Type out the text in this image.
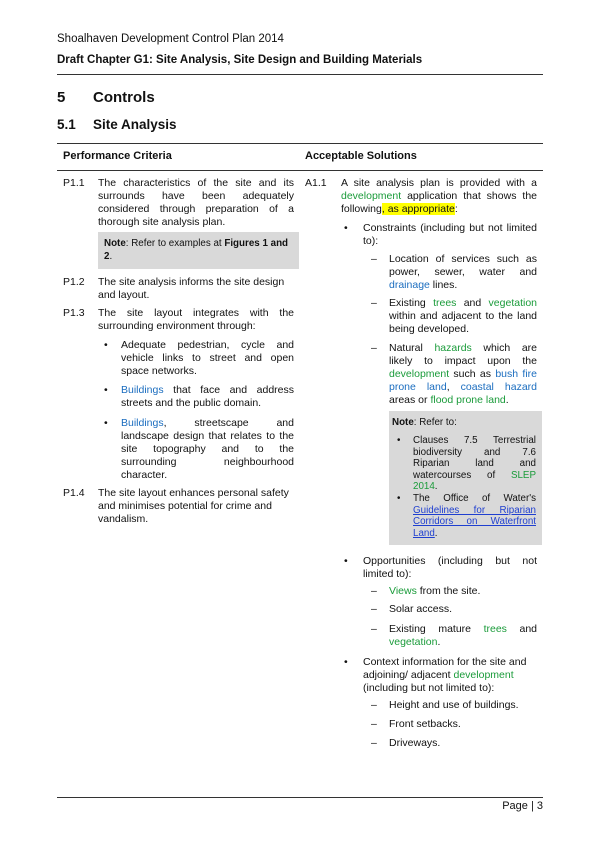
Shoalhaven Development Control Plan 2014
Draft Chapter G1: Site Analysis, Site Design and Building Materials
5 Controls
5.1 Site Analysis
Performance Criteria	Acceptable Solutions
P1.1 The characteristics of the site and its surrounds have been adequately considered through preparation of a thorough site analysis plan.
Note: Refer to examples at Figures 1 and 2.
P1.2 The site analysis informs the site design and layout.
P1.3 The site layout integrates with the surrounding environment through:
• Adequate pedestrian, cycle and vehicle links to street and open space networks.
• Buildings that face and address streets and the public domain.
• Buildings, streetscape and landscape design that relates to the site topography and to the surrounding neighbourhood character.
P1.4 The site layout enhances personal safety and minimises potential for crime and vandalism.
A1.1 A site analysis plan is provided with a development application that shows the following, as appropriate:
• Constraints (including but not limited to):
– Location of services such as power, sewer, water and drainage lines.
– Existing trees and vegetation within and adjacent to the land being developed.
– Natural hazards which are likely to impact upon the development such as bush fire prone land, coastal hazard areas or flood prone land.
Note: Refer to:
• Clauses 7.5 Terrestrial biodiversity and 7.6 Riparian land and watercourses of SLEP 2014.
• The Office of Water's Guidelines for Riparian Corridors on Waterfront Land.
• Opportunities (including but not limited to):
– Views from the site.
– Solar access.
– Existing mature trees and vegetation.
• Context information for the site and adjoining/ adjacent development (including but not limited to):
– Height and use of buildings.
– Front setbacks.
– Driveways.
Page | 3
